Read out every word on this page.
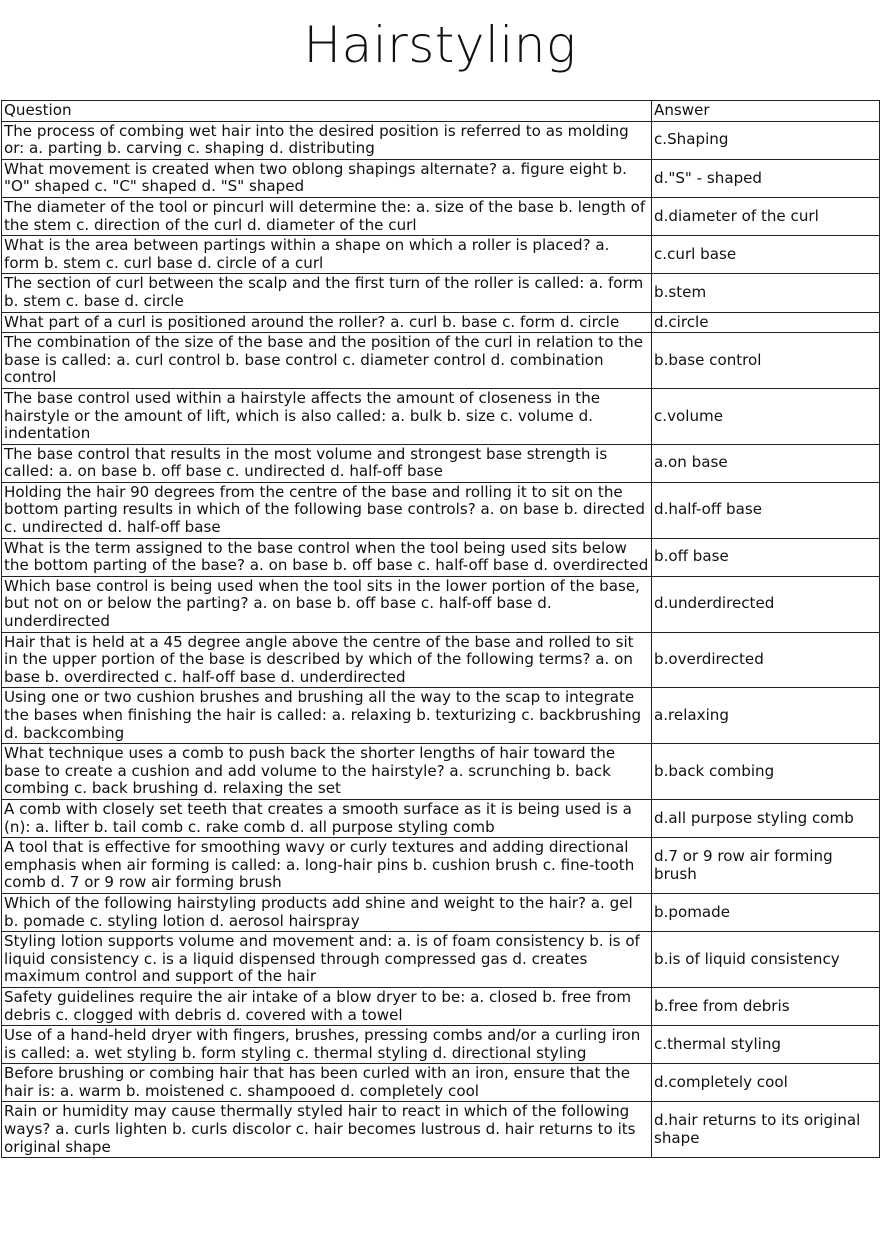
Hairstyling
Question	Answer
The process of combing wet hair into the desired position is referred to as molding or: a. parting b. carving c. shaping d. distributing	c.Shaping
What movement is created when two oblong shapings alternate? a. figure eight b. "O" shaped c. "C" shaped d. "S" shaped	d."S" - shaped
The diameter of the tool or pincurl will determine the: a. size of the base b. length of the stem c. direction of the curl d. diameter of the curl	d.diameter of the curl
What is the area between partings within a shape on which a roller is placed? a. form b. stem c. curl base d. circle of a curl	c.curl base
The section of curl between the scalp and the first turn of the roller is called: a. form b. stem c. base d. circle	b.stem
What part of a curl is positioned around the roller? a. curl b. base c. form d. circle	d.circle
The combination of the size of the base and the position of the curl in relation to the base is called: a. curl control b. base control c. diameter control d. combination control	b.base control
The base control used within a hairstyle affects the amount of closeness in the hairstyle or the amount of lift, which is also called: a. bulk b. size c. volume d. indentation	c.volume
The base control that results in the most volume and strongest base strength is called: a. on base b. off base c. undirected d. half-off base	a.on base
Holding the hair 90 degrees from the centre of the base and rolling it to sit on the bottom parting results in which of the following base controls? a. on base b. directed c. undirected d. half-off base	d.half-off base
What is the term assigned to the base control when the tool being used sits below the bottom parting of the base? a. on base b. off base c. half-off base d. overdirected	b.off base
Which base control is being used when the tool sits in the lower portion of the base, but not on or below the parting? a. on base b. off base c. half-off base d. underdirected	d.underdirected
Hair that is held at a 45 degree angle above the centre of the base and rolled to sit in the upper portion of the base is described by which of the following terms? a. on base b. overdirected c. half-off base d. underdirected	b.overdirected
Using one or two cushion brushes and brushing all the way to the scap to integrate the bases when finishing the hair is called: a. relaxing b. texturizing c. backbrushing d. backcombing	a.relaxing
What technique uses a comb to push back the shorter lengths of hair toward the base to create a cushion and add volume to the hairstyle? a. scrunching b. back combing c. back brushing d. relaxing the set	b.back combing
A comb with closely set teeth that creates a smooth surface as it is being used is a (n): a. lifter b. tail comb c. rake comb d. all purpose styling comb	d.all purpose styling comb
A tool that is effective for smoothing wavy or curly textures and adding directional emphasis when air forming is called: a. long-hair pins b. cushion brush c. fine-tooth comb d. 7 or 9 row air forming brush	d.7 or 9 row air forming brush
Which of the following hairstyling products add shine and weight to the hair? a. gel b. pomade c. styling lotion d. aerosol hairspray	b.pomade
Styling lotion supports volume and movement and: a. is of foam consistency b. is of liquid consistency c. is a liquid dispensed through compressed gas d. creates maximum control and support of the hair	b.is of liquid consistency
Safety guidelines require the air intake of a blow dryer to be: a. closed b. free from debris c. clogged with debris d. covered with a towel	b.free from debris
Use of a hand-held dryer with fingers, brushes, pressing combs and/or a curling iron is called: a. wet styling b. form styling c. thermal styling d. directional styling	c.thermal styling
Before brushing or combing hair that has been curled with an iron, ensure that the hair is: a. warm b. moistened c. shampooed d. completely cool	d.completely cool
Rain or humidity may cause thermally styled hair to react in which of the following ways? a. curls lighten b. curls discolor c. hair becomes lustrous d. hair returns to its original shape	d.hair returns to its original shape
